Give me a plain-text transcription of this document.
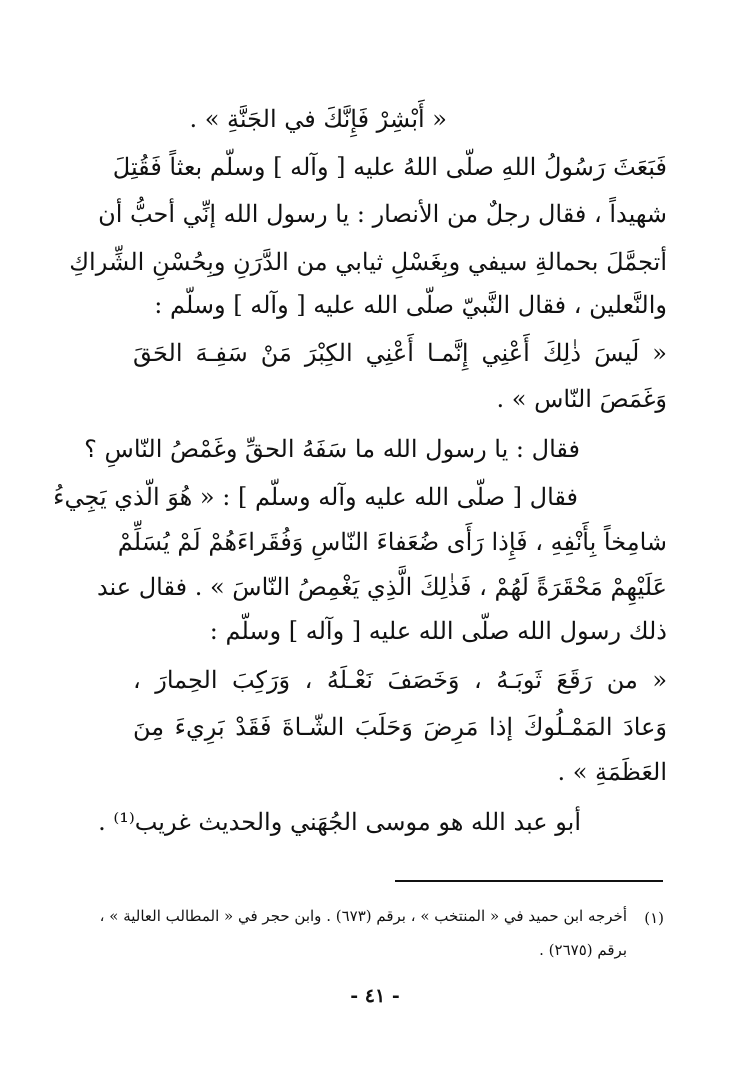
« أَبْشِرْ فَإِنَّكَ في الجَنَّةِ » .
فَبَعَثَ رَسُولُ اللهِ صلّى اللهُ عليه [ وآله ] وسلّم بعثاً فَقُتِلَ
شهيداً ، فقال رجلٌ من الأنصار : يا رسول الله إنِّي أحبُّ أن
أتجمَّلَ بحمالةِ سيفي وبِغَسْلِ ثيابي من الدَّرَنِ وبِحُسْنِ الشِّراكِ
والنَّعلين ، فقال النَّبيّ صلّى الله عليه [ وآله ] وسلّم :
« لَيسَ ذٰلِكَ أَعْنِي إِنَّمـا أَعْنِي الكِبْرَ مَنْ سَفِـهَ الحَقَ
وَغَمَصَ النّاس » .
فقال : يا رسول الله ما سَفَهُ الحقِّ وغَمْصُ النّاسِ ؟
فقال [ صلّى الله عليه وآله وسلّم ] : « هُوَ الّذي يَجِيءُ
شامِخاً بِأَنْفِهِ ، فَإِذا رَأَى ضُعَفاءَ النّاسِ وَفُقَراءَهُمْ لَمْ يُسَلِّمْ
عَلَيْهِمْ مَحْقَرَةً لَهُمْ ، فَذٰلِكَ الَّذِي يَغْمِصُ النّاسَ » . فقال عند
ذلك رسول الله صلّى الله عليه [ وآله ] وسلّم :
« من رَقَعَ ثَوبَـهُ ، وَخَصَفَ نَعْـلَهُ ، وَرَكِبَ الحِمارَ ،
وَعادَ المَمْـلُوكَ إذا مَرِضَ وَحَلَبَ الشّـاةَ فَقَدْ بَرِيءَ مِنَ
العَظَمَةِ » .
أبو عبد الله هو موسى الجُهَني والحديث غريب⁽¹⁾ .
(١)
أخرجه ابن حميد في « المنتخب » ، برقم (٦٧٣) . وابن حجر في « المطالب العالية » ،
برقم (٢٦٧٥) .
- ٤١ -
